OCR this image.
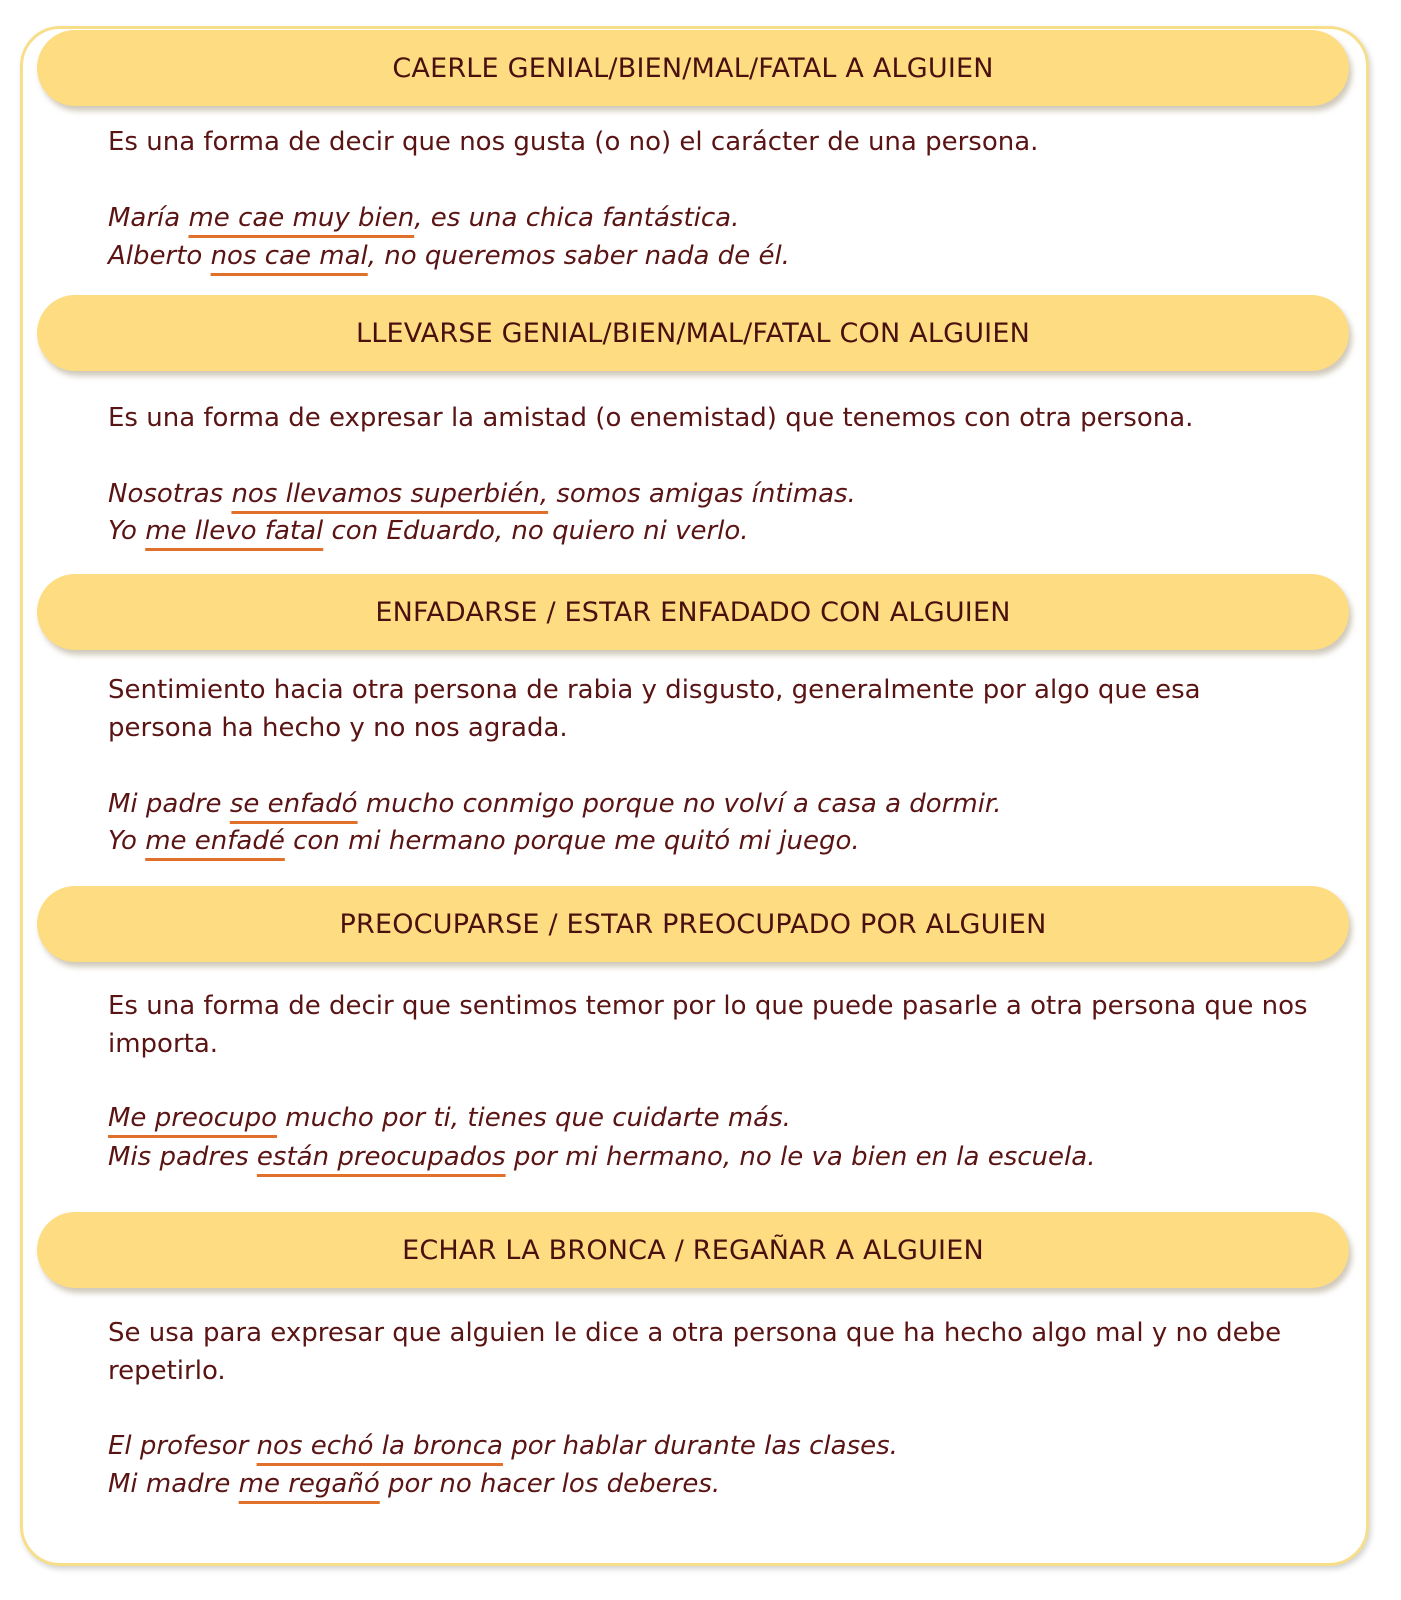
CAERLE GENIAL/BIEN/MAL/FATAL A ALGUIEN
Es una forma de decir que nos gusta (o no) el carácter de una persona.
María me cae muy bien, es una chica fantástica.
Alberto nos cae mal, no queremos saber nada de él.
LLEVARSE GENIAL/BIEN/MAL/FATAL CON ALGUIEN
Es una forma de expresar la amistad (o enemistad) que tenemos con otra persona.
Nosotras nos llevamos superbién, somos amigas íntimas.
Yo me llevo fatal con Eduardo, no quiero ni verlo.
ENFADARSE / ESTAR ENFADADO CON ALGUIEN
Sentimiento hacia otra persona de rabia y disgusto, generalmente por algo que esa persona ha hecho y no nos agrada.
Mi padre se enfadó mucho conmigo porque no volví a casa a dormir.
Yo me enfadé con mi hermano porque me quitó mi juego.
PREOCUPARSE / ESTAR PREOCUPADO POR ALGUIEN
Es una forma de decir que sentimos temor por lo que puede pasarle a otra persona que nos importa.
Me preocupo mucho por ti, tienes que cuidarte más.
Mis padres están preocupados por mi hermano, no le va bien en la escuela.
ECHAR LA BRONCA / REGAÑAR A ALGUIEN
Se usa para expresar que alguien le dice a otra persona que ha hecho algo mal y no debe repetirlo.
El profesor nos echó la bronca por hablar durante las clases.
Mi madre me regañó por no hacer los deberes.
